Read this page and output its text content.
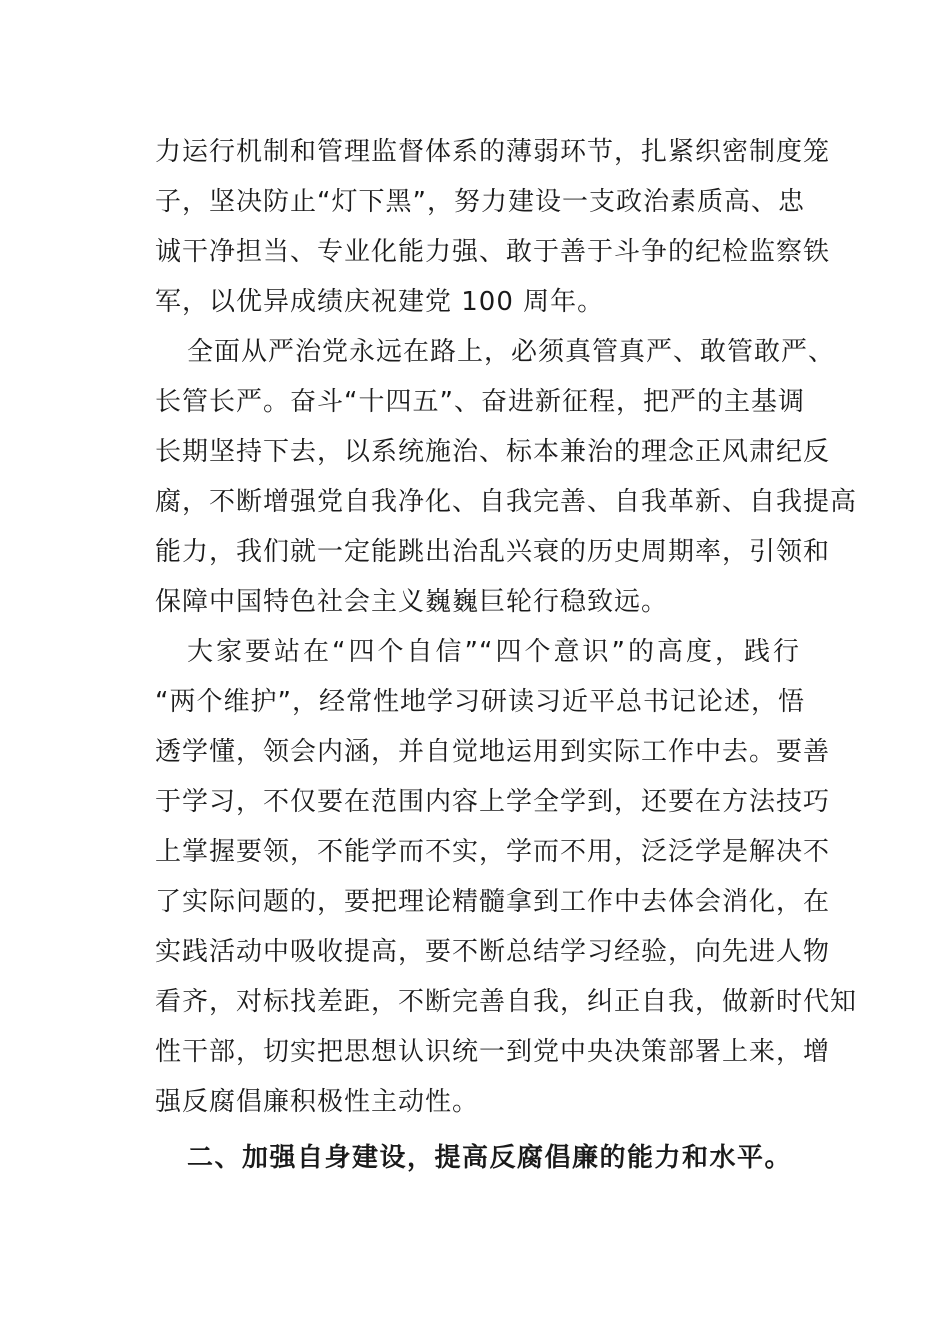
力运行机制和管理监督体系的薄弱环节，扎紧织密制度笼
子，坚决防止“灯下黑”，努力建设一支政治素质高、忠
诚干净担当、专业化能力强、敢于善于斗争的纪检监察铁
军，以优异成绩庆祝建党 100 周年。
全面从严治党永远在路上，必须真管真严、敢管敢严、
长管长严。奋斗“十四五”、奋进新征程，把严的主基调
长期坚持下去，以系统施治、标本兼治的理念正风肃纪反
腐，不断增强党自我净化、自我完善、自我革新、自我提高
能力，我们就一定能跳出治乱兴衰的历史周期率，引领和
保障中国特色社会主义巍巍巨轮行稳致远。
大家要站在“四个自信”“四个意识”的高度，践行
“两个维护”，经常性地学习研读习近平总书记论述，悟
透学懂，领会内涵，并自觉地运用到实际工作中去。要善
于学习，不仅要在范围内容上学全学到，还要在方法技巧
上掌握要领，不能学而不实，学而不用，泛泛学是解决不
了实际问题的，要把理论精髓拿到工作中去体会消化，在
实践活动中吸收提高，要不断总结学习经验，向先进人物
看齐，对标找差距，不断完善自我，纠正自我，做新时代知
性干部，切实把思想认识统一到党中央决策部署上来，增
强反腐倡廉积极性主动性。
二、加强自身建设，提高反腐倡廉的能力和水平。
